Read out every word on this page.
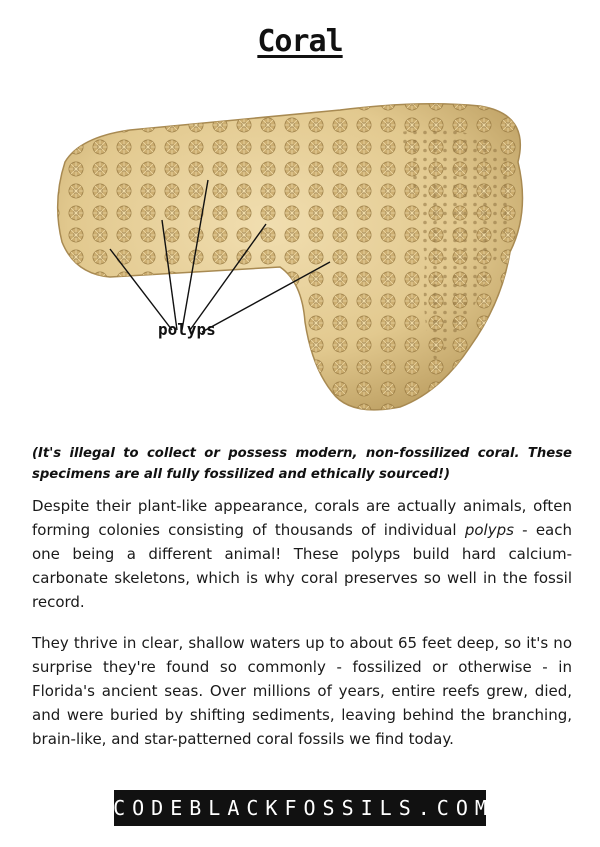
Coral
polyps
(It's illegal to collect or possess modern, non-fossilized coral. These specimens are all fully fossilized and ethically sourced!)
Despite their plant-like appearance, corals are actually animals, often forming colonies consisting of thousands of individual polyps - each one being a different animal! These polyps build hard calcium-carbonate skeletons, which is why coral preserves so well in the fossil record.
They thrive in clear, shallow waters up to about 65 feet deep, so it's no surprise they're found so commonly - fossilized or otherwise - in Florida's ancient seas. Over millions of years, entire reefs grew, died, and were buried by shifting sediments, leaving behind the branching, brain-like, and star-patterned coral fossils we find today.
CODEBLACKFOSSILS.COM
